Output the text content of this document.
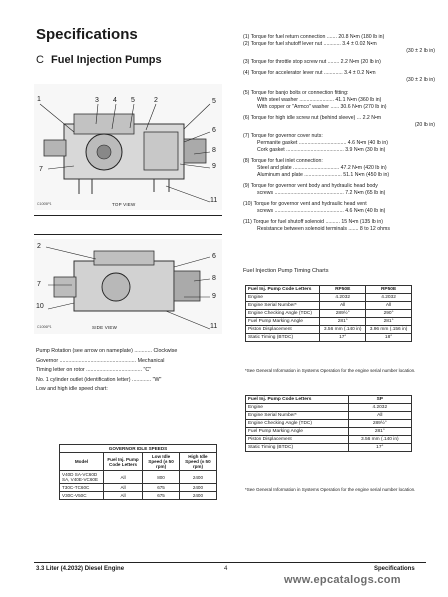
Specifications
C Fuel Injection Pumps
1
7
3 4 5	2	5
6
8
9
11
C1005P1	TOP VIEW
2
7
10
6
8
9
11
C1006P1	SIDE VIEW
Pump Rotation (see arrow on nameplate) ............ Clockwise
Governor .................................................... Mechanical
Timing letter on rotor ...................................... "C"
No. 1 cylinder outlet (identification letter) ............. "W"
Low and high idle speed chart:
GOVERNOR IDLE SPEEDS			
Model	Fuel Inj. Pump Code Letters	Low Idle Speed (± 50 rpm)	High Idle Speed (± 50 rpm)
V40D SA-VC60D SA, V40E-VC60E	All	800	2400
T30C-TC60C	All	675	2400
V30C-V50C	All	675	2400
(1) Torque for fuel return connection ....... 20.8 N•m (180 lb in)
(2) Torque for fuel shutoff lever nut ............ 3.4 ± 0.02 N•m
(30 ± 2 lb in)
(3) Torque for throttle stop screw nut ........ 2.2 N•m (20 lb in)
(4) Torque for accelerator lever nut ............. 3.4 ± 0.2 N•m
(30 ± 2 lb in)
(5) Torque for banjo bolts or connection fitting:
With steel washer ........................ 41.1 N•m (360 lb in)
With copper or "Armco" washer ...... 30.6 N•m (270 lb in)
(6) Torque for high idle screw nut (behind sleeve) ... 2.2 N•m
(20 lb in)
(7) Torque for governor cover nuts:
Permanite gasket ................................. 4.6 N•m (40 lb in)
Cork gasket ........................................ 3.9 N•m (30 lb in)
(8) Torque for fuel inlet connection:
Steel and plate ................................ 47.2 N•m (420 lb in)
Aluminum and plate .......................... 51.1 N•m (450 lb in)
(9) Torque for governor vent body and hydraulic head body
screws ................................................ 7.2 N•m (65 lb in)
(10) Torque for governor vent and hydraulic head vent
screws ................................................ 4.6 N•m (40 lb in)
(11) Torque for fuel shutoff solenoid .......... 15 N•m (135 lb in)
Resistance between solenoid terminals ....... 8 to 12 ohms
Fuel Injection Pump Timing Charts
Fuel Inj. Pump Code Letters	RP50E	RP50E
Engine	4.2032	4.2032
Engine Serial Number*	All	All
Engine Checking Angle (TDC)	289½°	290°
Fuel Pump Marking Angle	281°	281°
Piston Displacement	3.56 mm (.140 in)	3.96 mm (.156 in)
Static Timing (BTDC)	17°	18°
*See General Information in Systems Operation for the engine serial number location.
Fuel Inj. Pump Code Letters	SP
Engine	4.2032
Engine Serial Number*	All
Engine Checking Angle (TDC)	289½°
Fuel Pump Marking Angle	281°
Piston Displacement	3.56 mm (.140 in)
Static Timing (BTDC)	17°
*See General Information in Systems Operation for the engine serial number location.
3.3 Liter (4.2032) Diesel Engine	4	Specifications
www.epcatalogs.com
